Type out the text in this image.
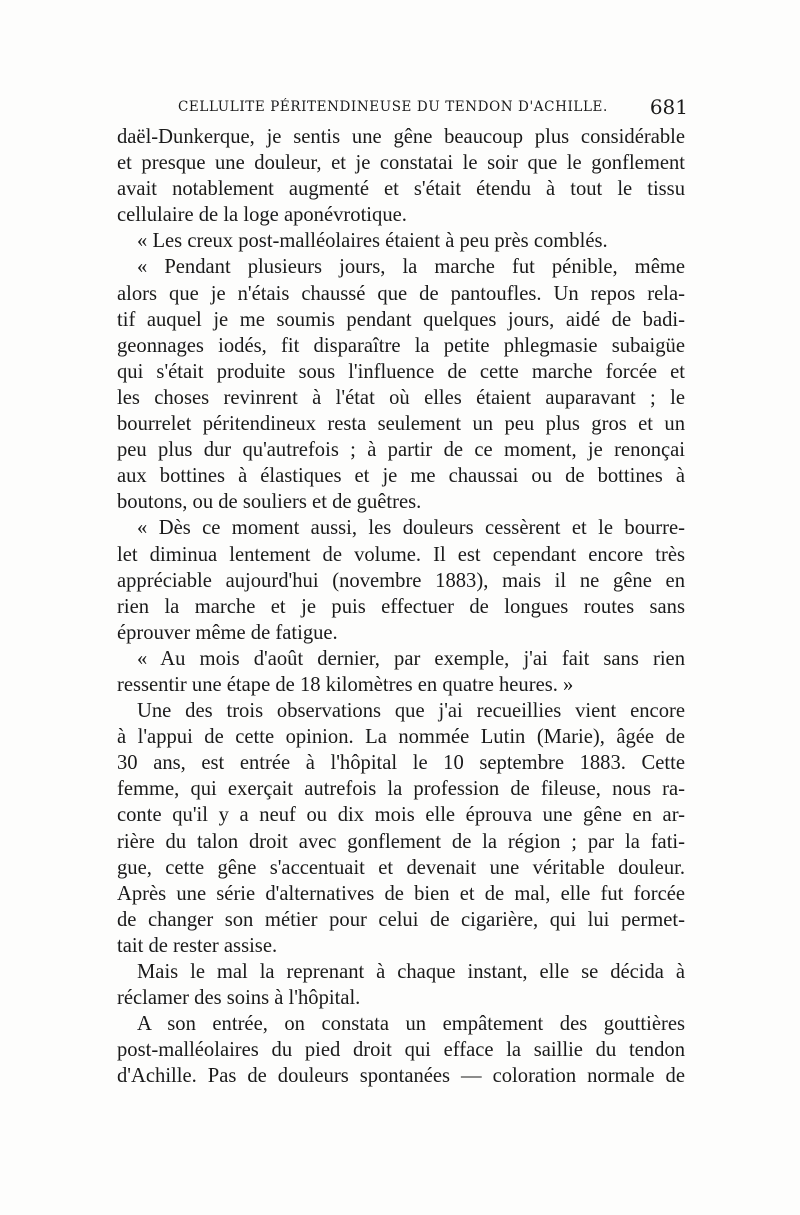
CELLULITE PÉRITENDINEUSE DU TENDON D'ACHILLE. 681
daël-Dunkerque, je sentis une gêne beaucoup plus considérable
et presque une douleur, et je constatai le soir que le gonflement
avait notablement augmenté et s'était étendu à tout le tissu
cellulaire de la loge aponévrotique.
« Les creux post-malléolaires étaient à peu près comblés.
« Pendant plusieurs jours, la marche fut pénible, même
alors que je n'étais chaussé que de pantoufles. Un repos rela-
tif auquel je me soumis pendant quelques jours, aidé de badi-
geonnages iodés, fit disparaître la petite phlegmasie subaigüe
qui s'était produite sous l'influence de cette marche forcée et
les choses revinrent à l'état où elles étaient auparavant ; le
bourrelet péritendineux resta seulement un peu plus gros et un
peu plus dur qu'autrefois ; à partir de ce moment, je renonçai
aux bottines à élastiques et je me chaussai ou de bottines à
boutons, ou de souliers et de guêtres.
« Dès ce moment aussi, les douleurs cessèrent et le bourre-
let diminua lentement de volume. Il est cependant encore très
appréciable aujourd'hui (novembre 1883), mais il ne gêne en
rien la marche et je puis effectuer de longues routes sans
éprouver même de fatigue.
« Au mois d'août dernier, par exemple, j'ai fait sans rien
ressentir une étape de 18 kilomètres en quatre heures. »
Une des trois observations que j'ai recueillies vient encore
à l'appui de cette opinion. La nommée Lutin (Marie), âgée de
30 ans, est entrée à l'hôpital le 10 septembre 1883. Cette
femme, qui exerçait autrefois la profession de fileuse, nous ra-
conte qu'il y a neuf ou dix mois elle éprouva une gêne en ar-
rière du talon droit avec gonflement de la région ; par la fati-
gue, cette gêne s'accentuait et devenait une véritable douleur.
Après une série d'alternatives de bien et de mal, elle fut forcée
de changer son métier pour celui de cigarière, qui lui permet-
tait de rester assise.
Mais le mal la reprenant à chaque instant, elle se décida à
réclamer des soins à l'hôpital.
A son entrée, on constata un empâtement des gouttières
post-malléolaires du pied droit qui efface la saillie du tendon
d'Achille. Pas de douleurs spontanées — coloration normale de
